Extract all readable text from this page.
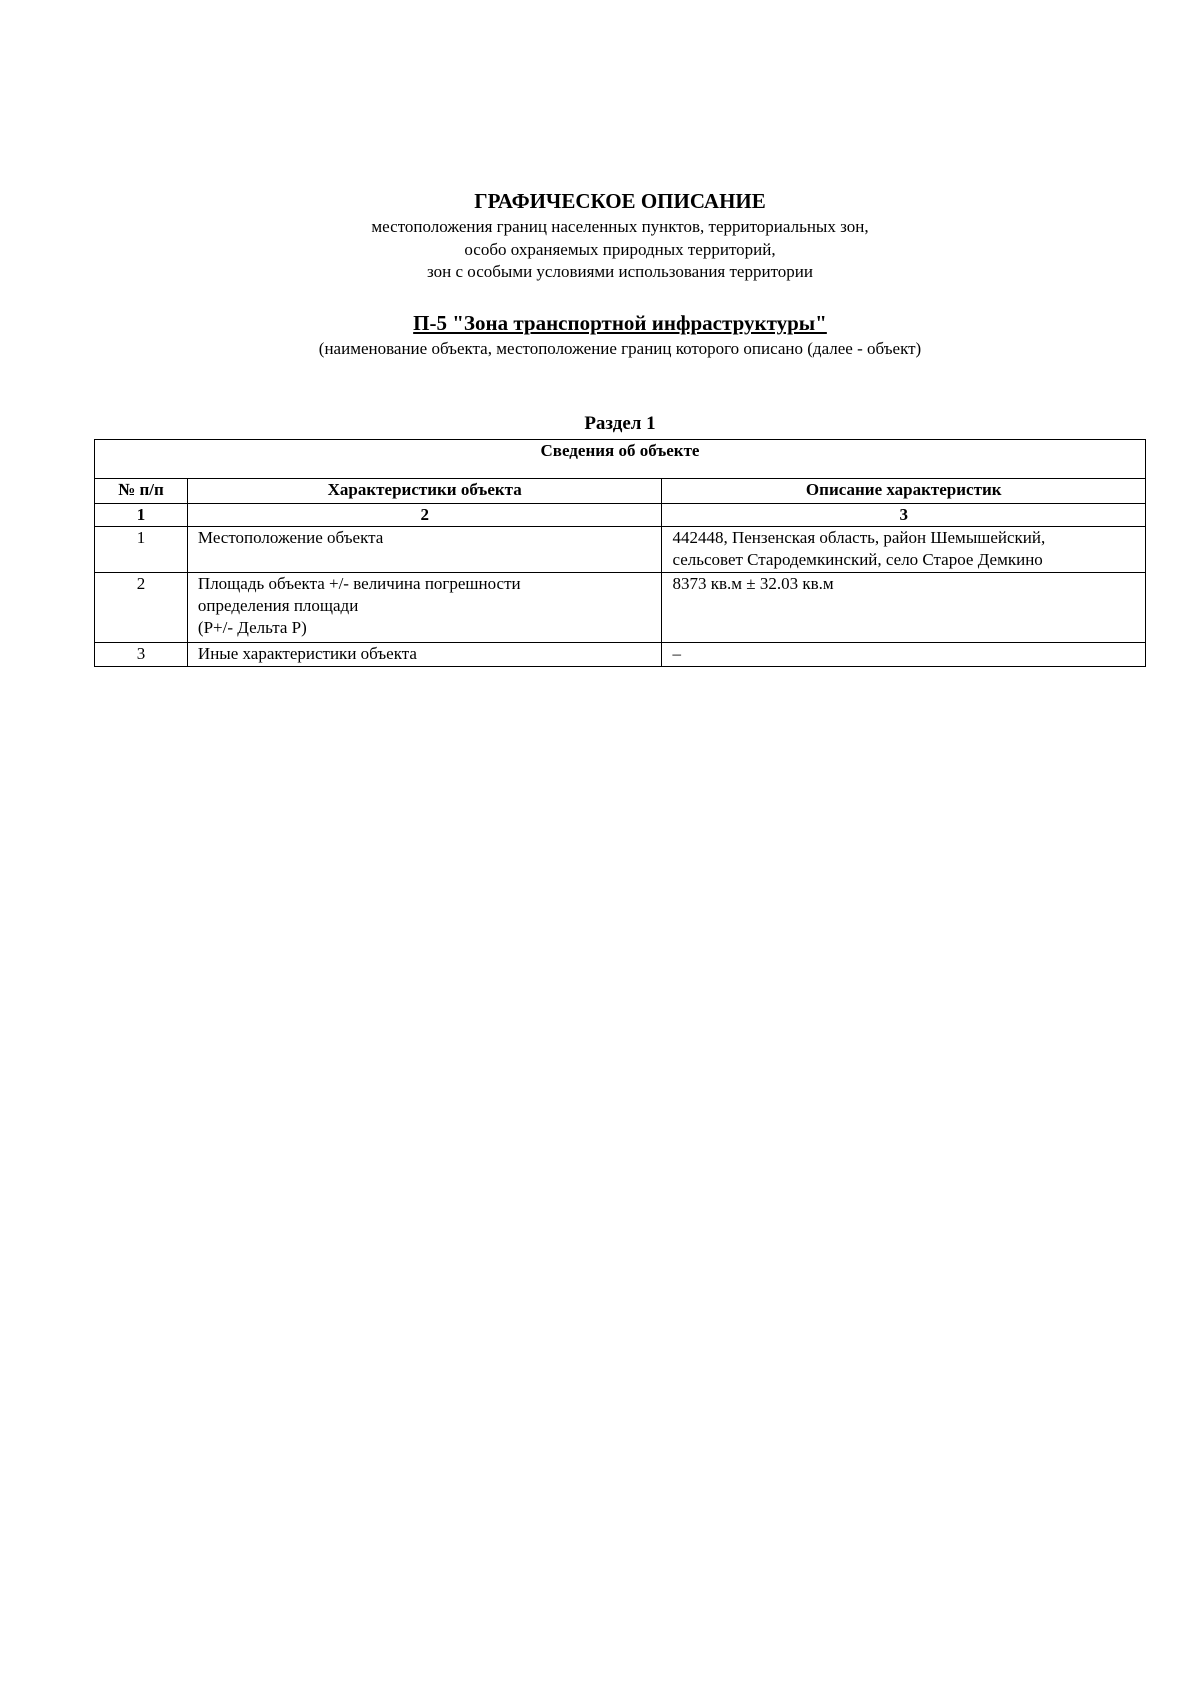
ГРАФИЧЕСКОЕ ОПИСАНИЕ
местоположения границ населенных пунктов, территориальных зон,
особо охраняемых природных территорий,
зон с особыми условиями использования территории
П-5 "Зона транспортной инфраструктуры"
(наименование объекта, местоположение границ которого описано (далее - объект)
Раздел 1
Сведения об объекте		
№ п/п	Характеристики объекта	Описание характеристик
1	2	3
1	Местоположение объекта	442448, Пензенская область, район Шемышейский,
сельсовет Стародемкинский, село Старое Демкино
2	Площадь объекта +/- величина погрешности
определения площади
(Р+/- Дельта Р)	8373 кв.м ± 32.03 кв.м
3	Иные характеристики объекта	–
